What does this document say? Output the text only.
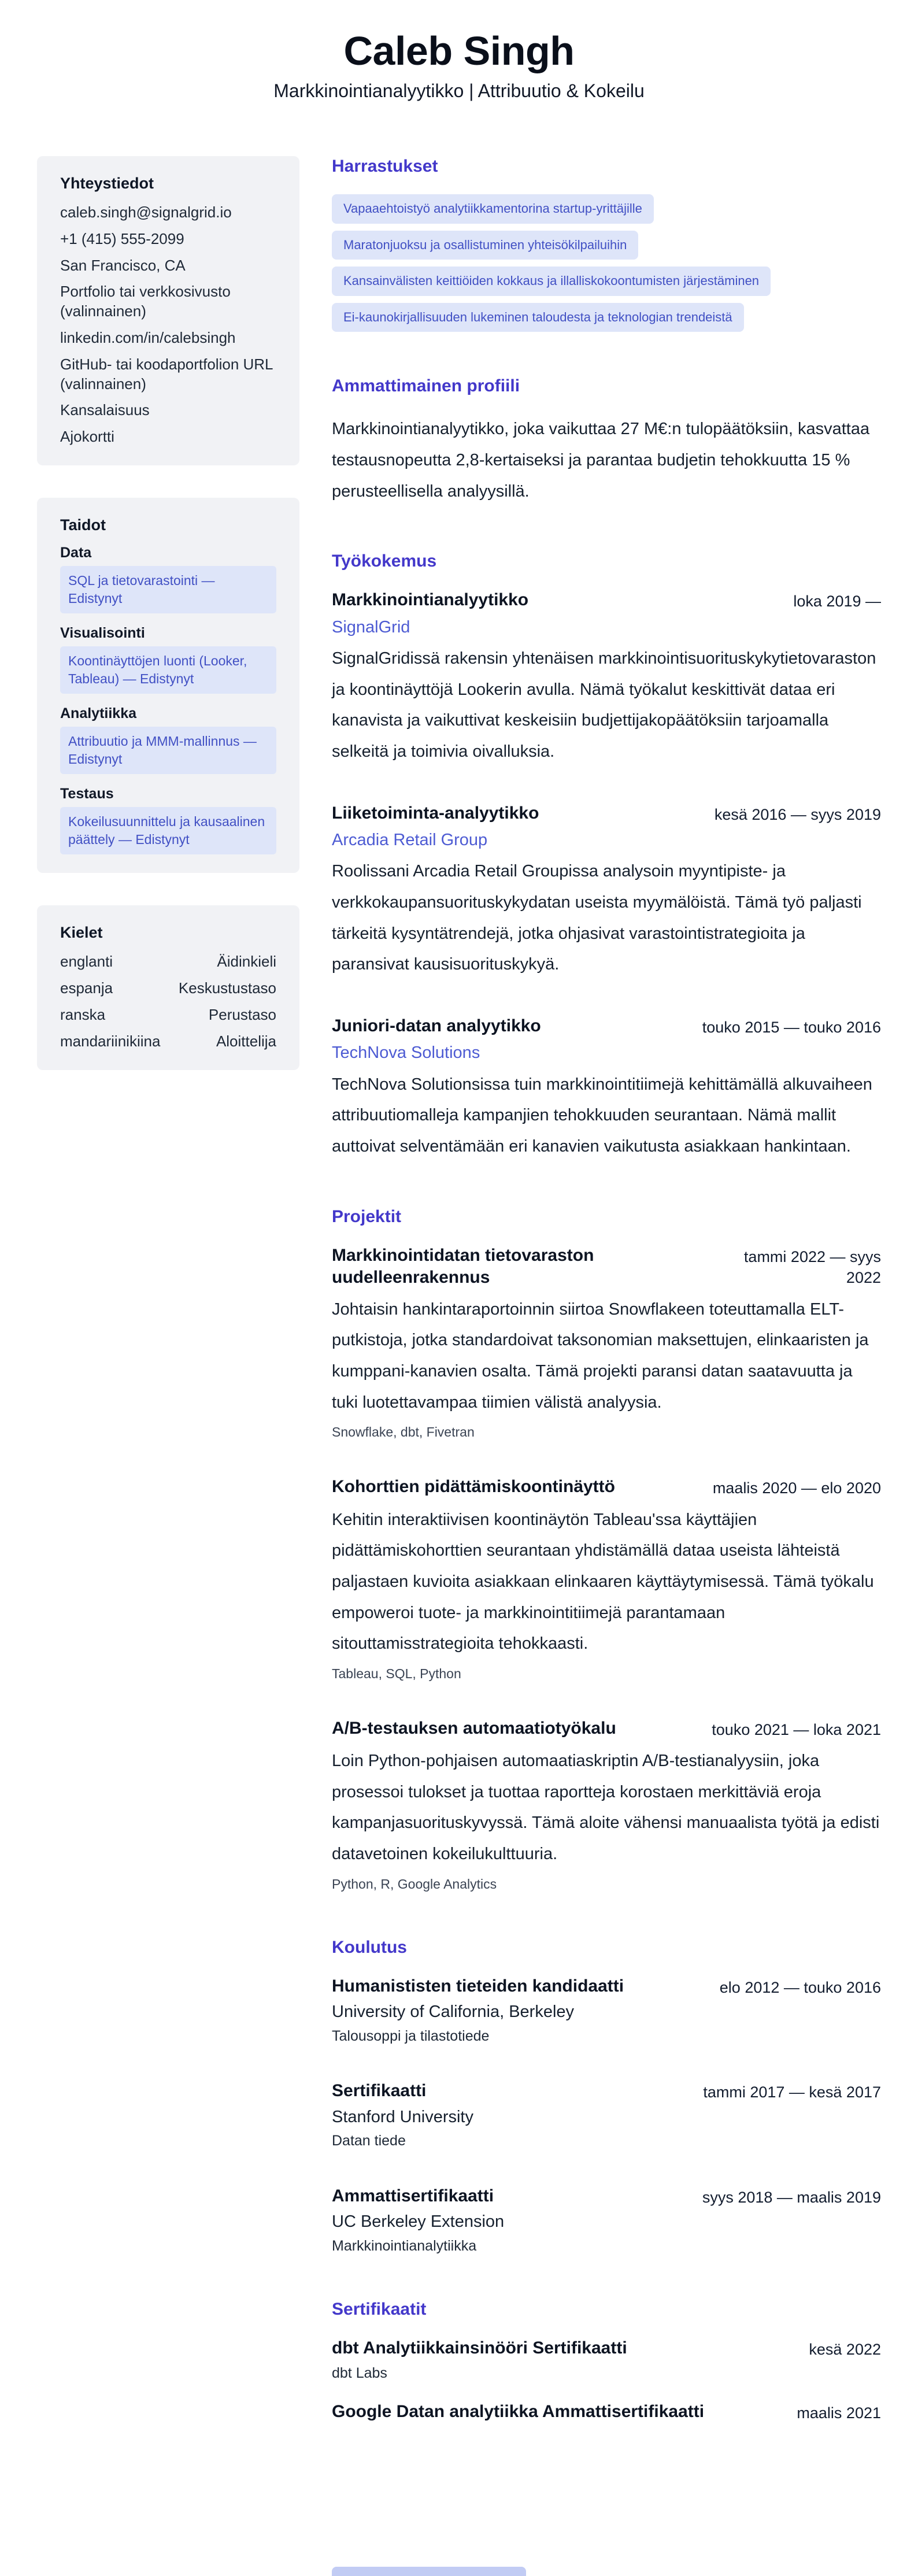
Caleb Singh
Markkinointianalyytikko | Attribuutio & Kokeilu
Yhteystiedot
caleb.singh@signalgrid.io
+1 (415) 555-2099
San Francisco, CA
Portfolio tai verkkosivusto (valinnainen)
linkedin.com/in/calebsingh
GitHub- tai koodaportfolion URL (valinnainen)
Kansalaisuus
Ajokortti
Taidot
Data
SQL ja tietovarastointi — Edistynyt
Visualisointi
Koontinäyttöjen luonti (Looker, Tableau) — Edistynyt
Analytiikka
Attribuutio ja MMM-mallinnus — Edistynyt
Testaus
Kokeilusuunnittelu ja kausaalinen päättely — Edistynyt
Kielet
englanti	Äidinkieli
espanja	Keskustustaso
ranska	Perustaso
mandariinikiina	Aloittelija
Harrastukset
Vapaaehtoistyö analytiikkamentorina startup-yrittäjille
Maratonjuoksu ja osallistuminen yhteisökilpailuihin
Kansainvälisten keittiöiden kokkaus ja illalliskokoontumisten järjestäminen
Ei-kaunokirjallisuuden lukeminen taloudesta ja teknologian trendeistä
Ammattimainen profiili

Markkinointianalyytikko, joka vaikuttaa 27 M€:n tulopäätöksiin, kasvattaa testausnopeutta 2,8-kertaiseksi ja parantaa budjetin tehokkuutta 15 % perusteellisella analyysillä.

Työkokemus
Markkinointianalyytikko	loka 2019 —
SignalGrid

SignalGridissä rakensin yhtenäisen markkinointisuorituskykytietovaraston ja koontinäyttöjä Lookerin avulla. Nämä työkalut keskittivät dataa eri kanavista ja vaikuttivat keskeisiin budjettijakopäätöksiin tarjoamalla selkeitä ja toimivia oivalluksia.

Liiketoiminta-analyytikko	kesä 2016 — syys 2019
Arcadia Retail Group

Roolissani Arcadia Retail Groupissa analysoin myyntipiste- ja verkkokaupansuorituskykydatan useista myymälöistä. Tämä työ paljasti tärkeitä kysyntätrendejä, jotka ohjasivat varastointistrategioita ja paransivat kausisuorituskykyä.

Juniori-datan analyytikko	touko 2015 — touko 2016
TechNova Solutions

TechNova Solutionsissa tuin markkinointitiimejä kehittämällä alkuvaiheen attribuutiomalleja kampanjien tehokkuuden seurantaan. Nämä mallit auttoivat selventämään eri kanavien vaikutusta asiakkaan hankintaan.

Projektit
Markkinointidatan tietovaraston uudelleenrakennus
tammi 2022 — syys 2022

Johtaisin hankintaraportoinnin siirtoa Snowflakeen toteuttamalla ELT-putkistoja, jotka standardoivat taksonomian maksettujen, elinkaaristen ja kumppani-kanavien osalta. Tämä projekti paransi datan saatavuutta ja tuki luotettavampaa tiimien välistä analyysia.

Snowflake, dbt, Fivetran
Kohorttien pidättämiskoontinäyttö	maalis 2020 — elo 2020

Kehitin interaktiivisen koontinäytön Tableau'ssa käyttäjien pidättämiskohorttien seurantaan yhdistämällä dataa useista lähteistä paljastaen kuvioita asiakkaan elinkaaren käyttäytymisessä. Tämä työkalu empoweroi tuote- ja markkinointitiimejä parantamaan sitouttamisstrategioita tehokkaasti.

Tableau, SQL, Python
A/B-testauksen automaatiotyökalu	touko 2021 — loka 2021

Loin Python-pohjaisen automaatiaskriptin A/B-testianalyysiin, joka prosessoi tulokset ja tuottaa raportteja korostaen merkittäviä eroja kampanjasuorituskyvyssä. Tämä aloite vähensi manuaalista työtä ja edisti datavetoinen kokeilukulttuuria.

Python, R, Google Analytics
Koulutus
Humanististen tieteiden kandidaatti	elo 2012 — touko 2016
University of California, Berkeley
Talousoppi ja tilastotiede
Sertifikaatti	tammi 2017 — kesä 2017
Stanford University
Datan tiede
Ammattisertifikaatti	syys 2018 — maalis 2019
UC Berkeley Extension
Markkinointianalytiikka
Sertifikaatit
dbt Analytiikkainsinööri Sertifikaatti	kesä 2022
dbt Labs
Google Datan analytiikka Ammattisertifikaatti	maalis 2021
